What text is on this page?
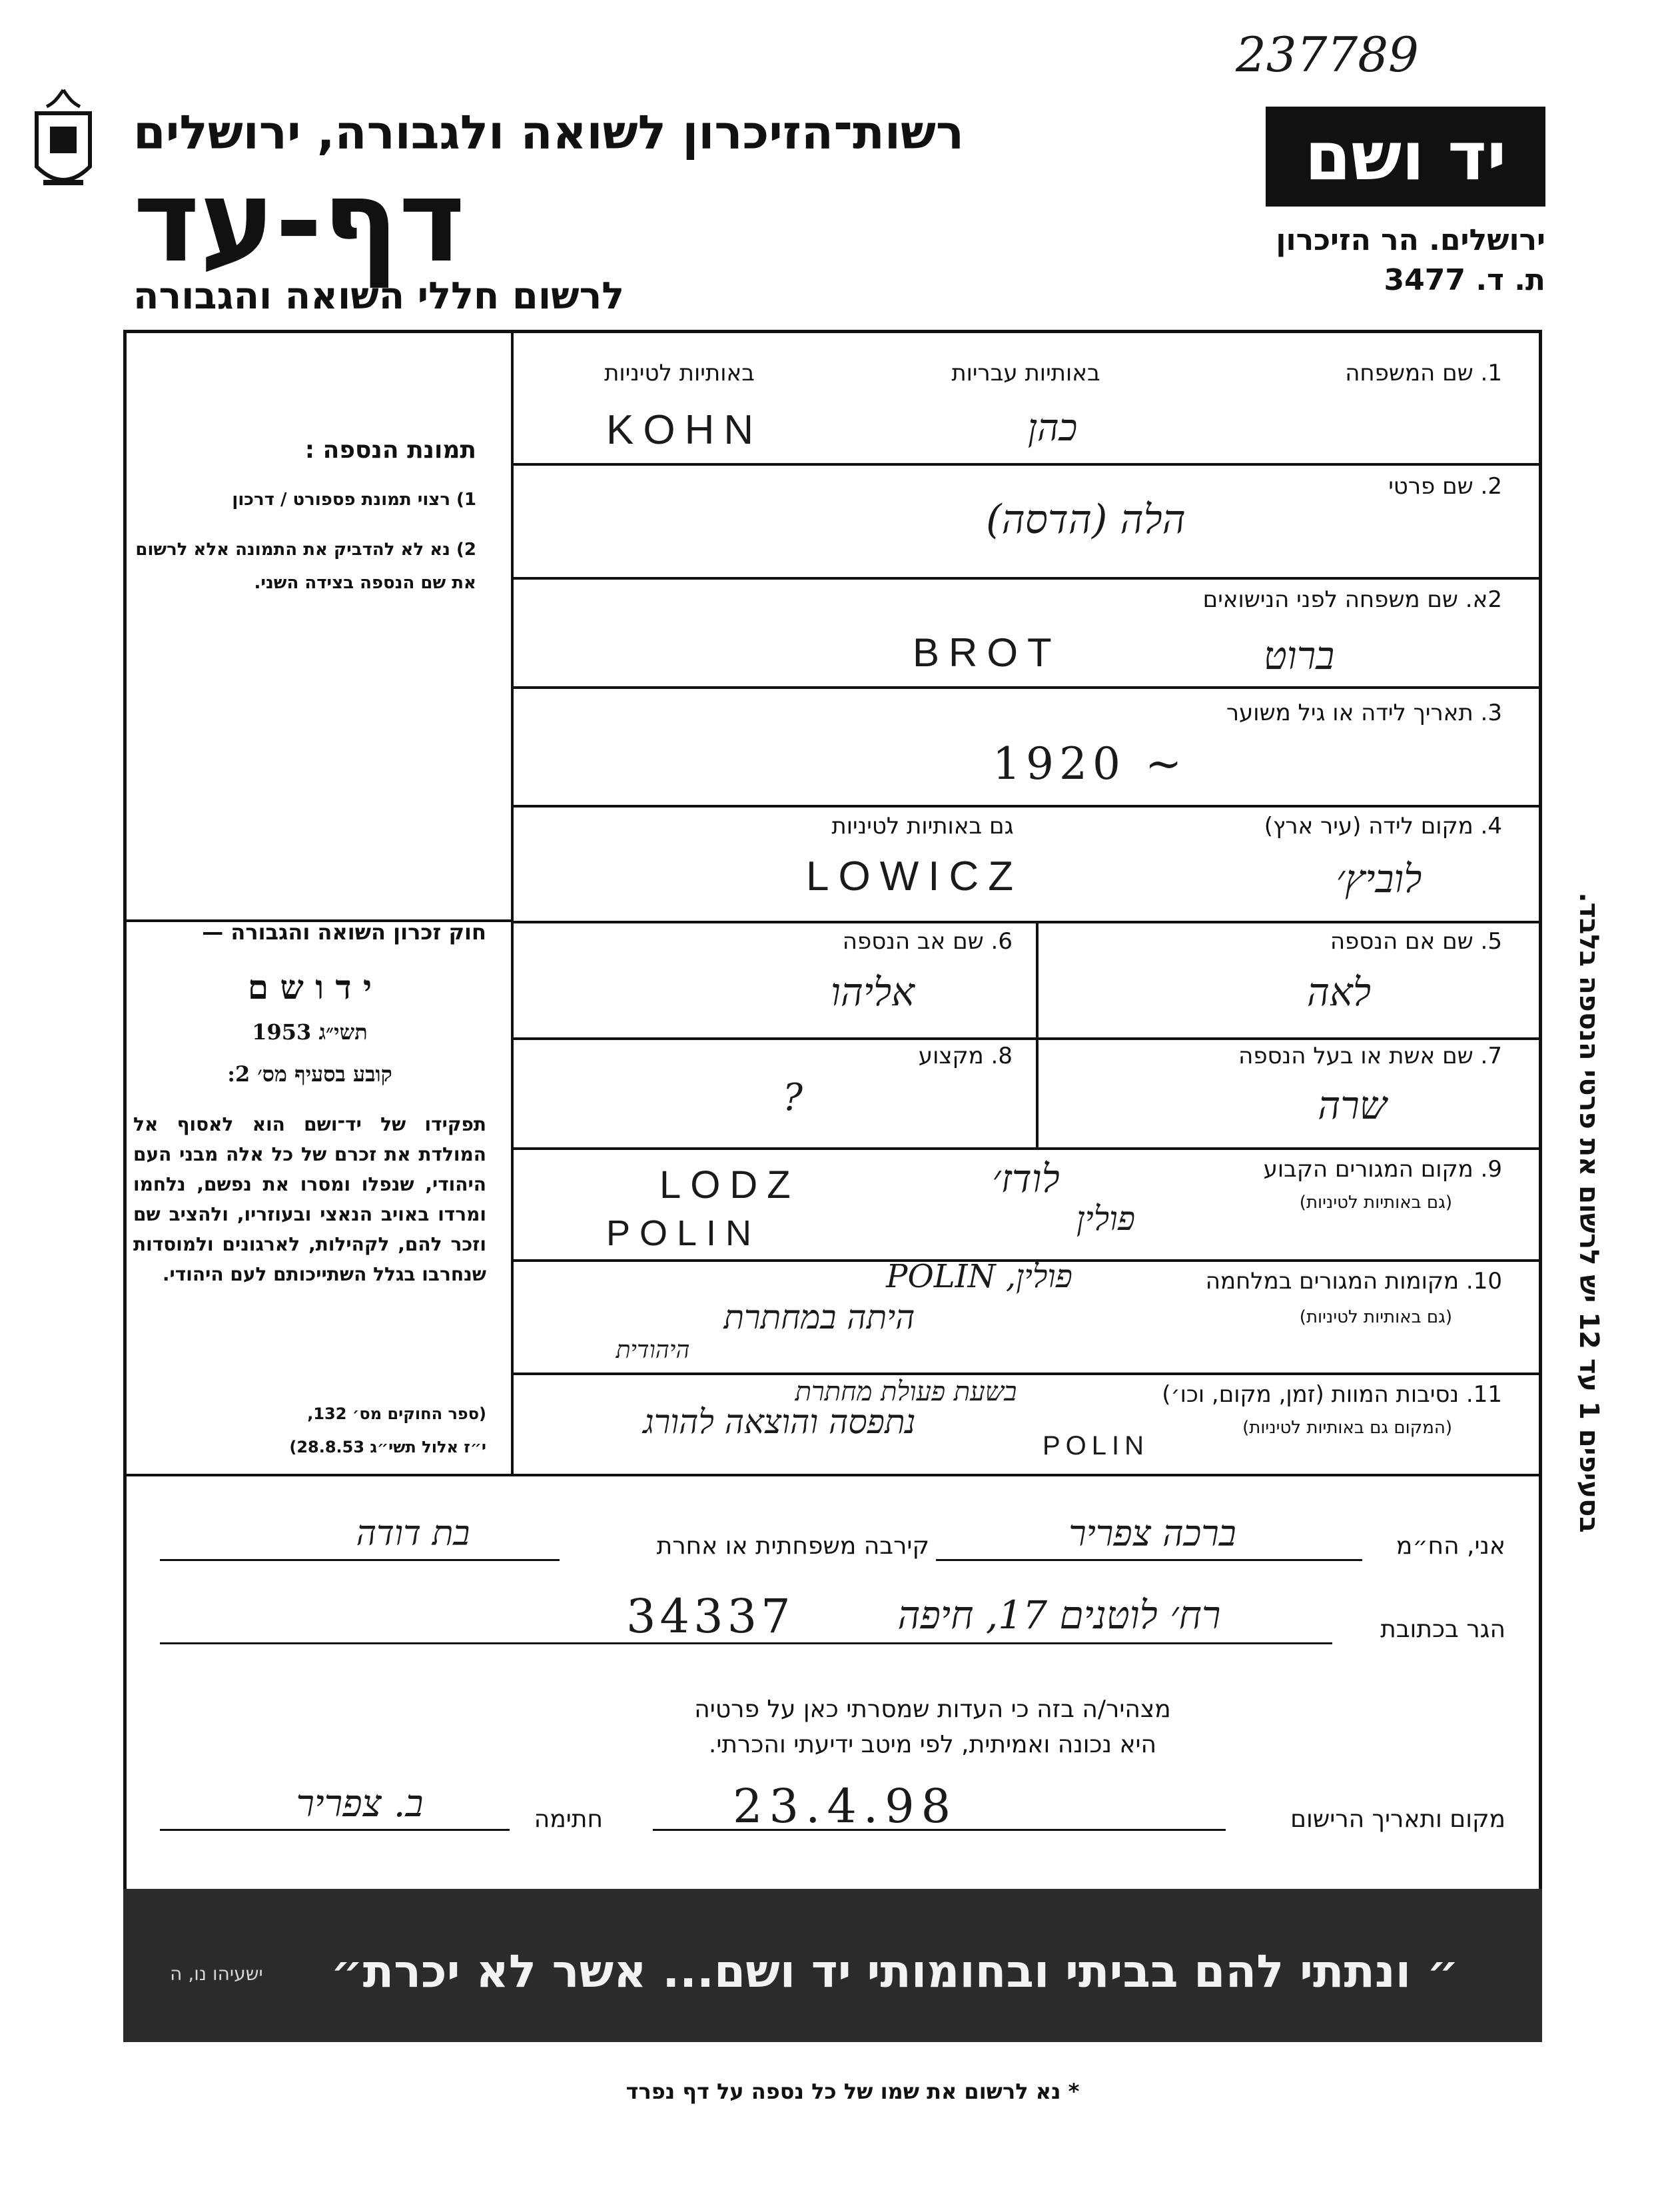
237789
רשות־הזיכרון לשואה ולגבורה, ירושלים
דף-עד
לרשום חללי השואה והגבורה
יד ושם
ירושלים. הר הזיכרון
ת. ד. 3477
תמונת הנספה :
1) רצוי תמונת פספורט / דרכון
2) נא לא להדביק את התמונה אלא לרשום את שם הנספה בצידה השני.
חוק זכרון השואה והגבורה —
י ד ו ש ם
תשי״ג 1953
קובע בסעיף מס׳ 2:
תפקידו של יד־ושם הוא לאסוף אל המולדת את זכרם של כל אלה מבני העם היהודי, שנפלו ומסרו את נפשם, נלחמו ומרדו באויב הנאצי ובעוזריו, ולהציב שם וזכר להם, לקהילות, לארגונים ולמוסדות שנחרבו בגלל השתייכותם לעם היהודי.
(ספר החוקים מס׳ 132,
י״ז אלול תשי״ג 28.8.53)
1. שם המשפחה
באותיות עבריות
באותיות לטיניות
כהן
KOHN
2. שם פרטי
הלה (הדסה)
2א. שם משפחה לפני הנישואים
ברוט
BROT
3. תאריך לידה או גיל משוער
1920 ~
4. מקום לידה (עיר ארץ)
גם באותיות לטיניות
לוביץ׳
LOWICZ
5. שם אם הנספה
לאה
6. שם אב הנספה
אליהו
7. שם אשת או בעל הנספה
שרה
8. מקצוע
?
9. מקום המגורים הקבוע
(גם באותיות לטיניות)
לודז׳
פולין
LODZ
POLIN
10. מקומות המגורים במלחמה
(גם באותיות לטיניות)
פולין, POLIN
היתה במחתרת
היהודית
11. נסיבות המוות (זמן, מקום, וכו׳)
(המקום גם באותיות לטיניות)
בשעת פעולת מחתרת
נתפסה והוצאה להורג
POLIN
אני, הח״מ
ברכה צפריר
קירבה משפחתית או אחרת
בת דודה
הגר בכתובת
רח׳ לוטנים 17, חיפה
34337
מצהיר/ה בזה כי העדות שמסרתי כאן על פרטיה
היא נכונה ואמיתית, לפי מיטב ידיעתי והכרתי.
מקום ותאריך הרישום
23.4.98
חתימה
ב. צפריר
בסעיפים 1 עד 12 יש לרשום את פרטי הנספה בלבד.
״ ונתתי להם בביתי ובחומותי יד ושם... אשר לא יכרת״
ישעיהו נו, ה
* נא לרשום את שמו של כל נספה על דף נפרד
